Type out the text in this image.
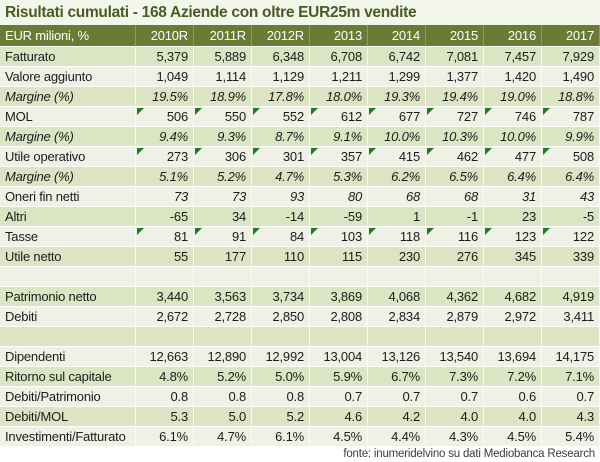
Risultati cumulati - 168 Aziende con oltre EUR25m vendite
EUR milioni, %	2010R	2011R	2012R	2013	2014	2015	2016	2017
Fatturato	5,379	5,889	6,348	6,708	6,742	7,081	7,457	7,929
Valore aggiunto	1,049	1,114	1,129	1,211	1,299	1,377	1,420	1,490
Margine (%)	19.5%	18.9%	17.8%	18.0%	19.3%	19.4%	19.0%	18.8%
MOL	506	550	552	612	677	727	746	787
Margine (%)	9.4%	9.3%	8.7%	9.1%	10.0%	10.3%	10.0%	9.9%
Utile operativo	273	306	301	357	415	462	477	508
Margine (%)	5.1%	5.2%	4.7%	5.3%	6.2%	6.5%	6.4%	6.4%
Oneri fin netti	73	73	93	80	68	68	31	43
Altri	-65	34	-14	-59	1	-1	23	-5
Tasse	81	91	84	103	118	116	123	122
Utile netto	55	177	110	115	230	276	345	339

Patrimonio netto	3,440	3,563	3,734	3,869	4,068	4,362	4,682	4,919
Debiti	2,672	2,728	2,850	2,808	2,834	2,879	2,972	3,411

Dipendenti	12,663	12,890	12,992	13,004	13,126	13,540	13,694	14,175
Ritorno sul capitale	4.8%	5.2%	5.0%	5.9%	6.7%	7.3%	7.2%	7.1%
Debiti/Patrimonio	0.8	0.8	0.8	0.7	0.7	0.7	0.6	0.7
Debiti/MOL	5.3	5.0	5.2	4.6	4.2	4.0	4.0	4.3
Investimenti/Fatturato	6.1%	4.7%	6.1%	4.5%	4.4%	4.3%	4.5%	5.4%
fonte: inumeridelvino su dati Mediobanca Research
